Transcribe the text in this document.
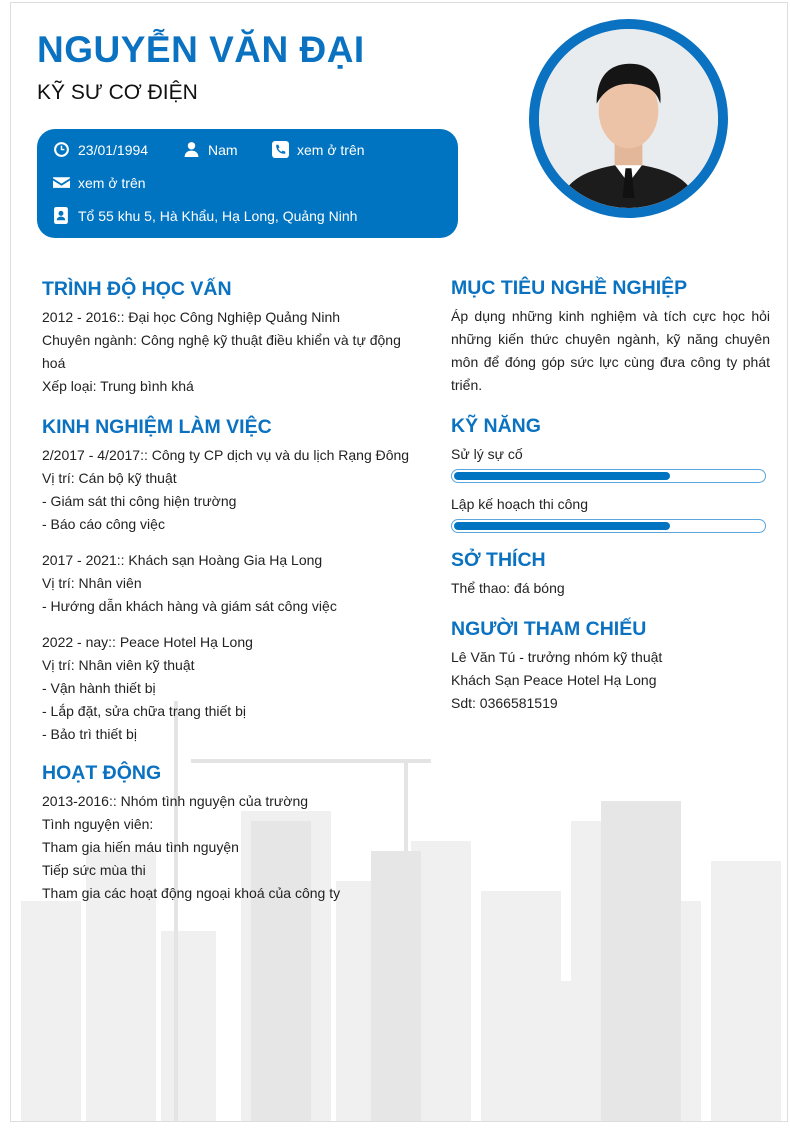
NGUYỄN VĂN ĐẠI
KỸ SƯ CƠ ĐIỆN
23/01/1994	Nam	xem ở trên
xem ở trên
Tổ 55 khu 5, Hà Khẩu, Hạ Long, Quảng Ninh
TRÌNH ĐỘ HỌC VẤN
2012 - 2016:: Đại học Công Nghiệp Quảng Ninh
Chuyên ngành: Công nghệ kỹ thuật điều khiển và tự động hoá
Xếp loại: Trung bình khá
KINH NGHIỆM LÀM VIỆC
2/2017 - 4/2017:: Công ty CP dịch vụ và du lịch Rạng Đông
Vị trí: Cán bộ kỹ thuật
- Giám sát thi công hiện trường
- Báo cáo công việc
2017 - 2021:: Khách sạn Hoàng Gia Hạ Long
Vị trí: Nhân viên
- Hướng dẫn khách hàng và giám sát công việc
2022 - nay:: Peace Hotel Hạ Long
Vị trí: Nhân viên kỹ thuật
- Vận hành thiết bị
- Lắp đặt, sửa chữa trang thiết bị
- Bảo trì thiết bị
HOẠT ĐỘNG
2013-2016:: Nhóm tình nguyện của trường
Tình nguyện viên:
Tham gia hiến máu tình nguyện
Tiếp sức mùa thi
Tham gia các hoạt động ngoại khoá của công ty
MỤC TIÊU NGHỀ NGHIỆP
Áp dụng những kinh nghiệm và tích cực học hỏi những kiến thức chuyên ngành, kỹ năng chuyên môn để đóng góp sức lực cùng đưa công ty phát triển.
KỸ NĂNG
Sử lý sự cố
Lập kế hoạch thi công
SỞ THÍCH
Thể thao: đá bóng
NGƯỜI THAM CHIẾU
Lê Văn Tú - trưởng nhóm kỹ thuật
Khách Sạn Peace Hotel Hạ Long
Sdt: 0366581519
